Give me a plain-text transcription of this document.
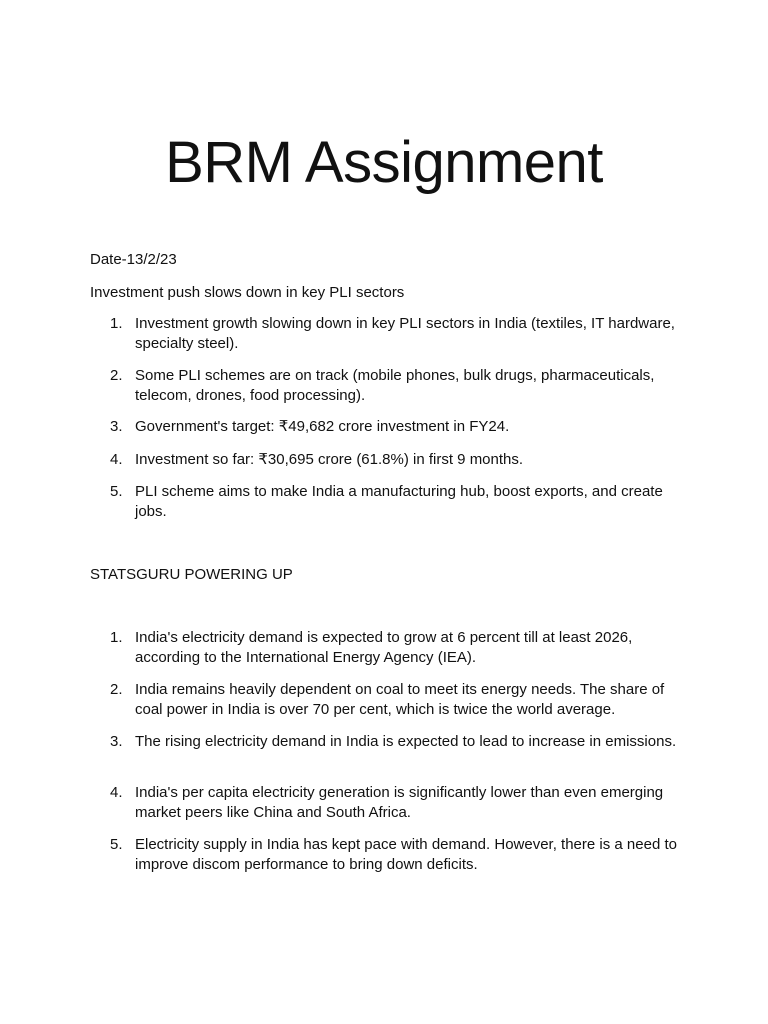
BRM Assignment

Date-13/2/23

Investment push slows down in key PLI sectors

1. Investment growth slowing down in key PLI sectors in India (textiles, IT hardware, specialty steel).
2. Some PLI schemes are on track (mobile phones, bulk drugs, pharmaceuticals, telecom, drones, food processing).
3. Government's target: ₹49,682 crore investment in FY24.
4. Investment so far: ₹30,695 crore (61.8%) in first 9 months.
5. PLI scheme aims to make India a manufacturing hub, boost exports, and create jobs.

STATSGURU POWERING UP

1. India's electricity demand is expected to grow at 6 percent till at least 2026, according to the International Energy Agency (IEA).
2. India remains heavily dependent on coal to meet its energy needs. The share of coal power in India is over 70 per cent, which is twice the world average.
3. The rising electricity demand in India is expected to lead to increase in emissions.
4. India's per capita electricity generation is significantly lower than even emerging market peers like China and South Africa.
5. Electricity supply in India has kept pace with demand. However, there is a need to improve discom performance to bring down deficits.
